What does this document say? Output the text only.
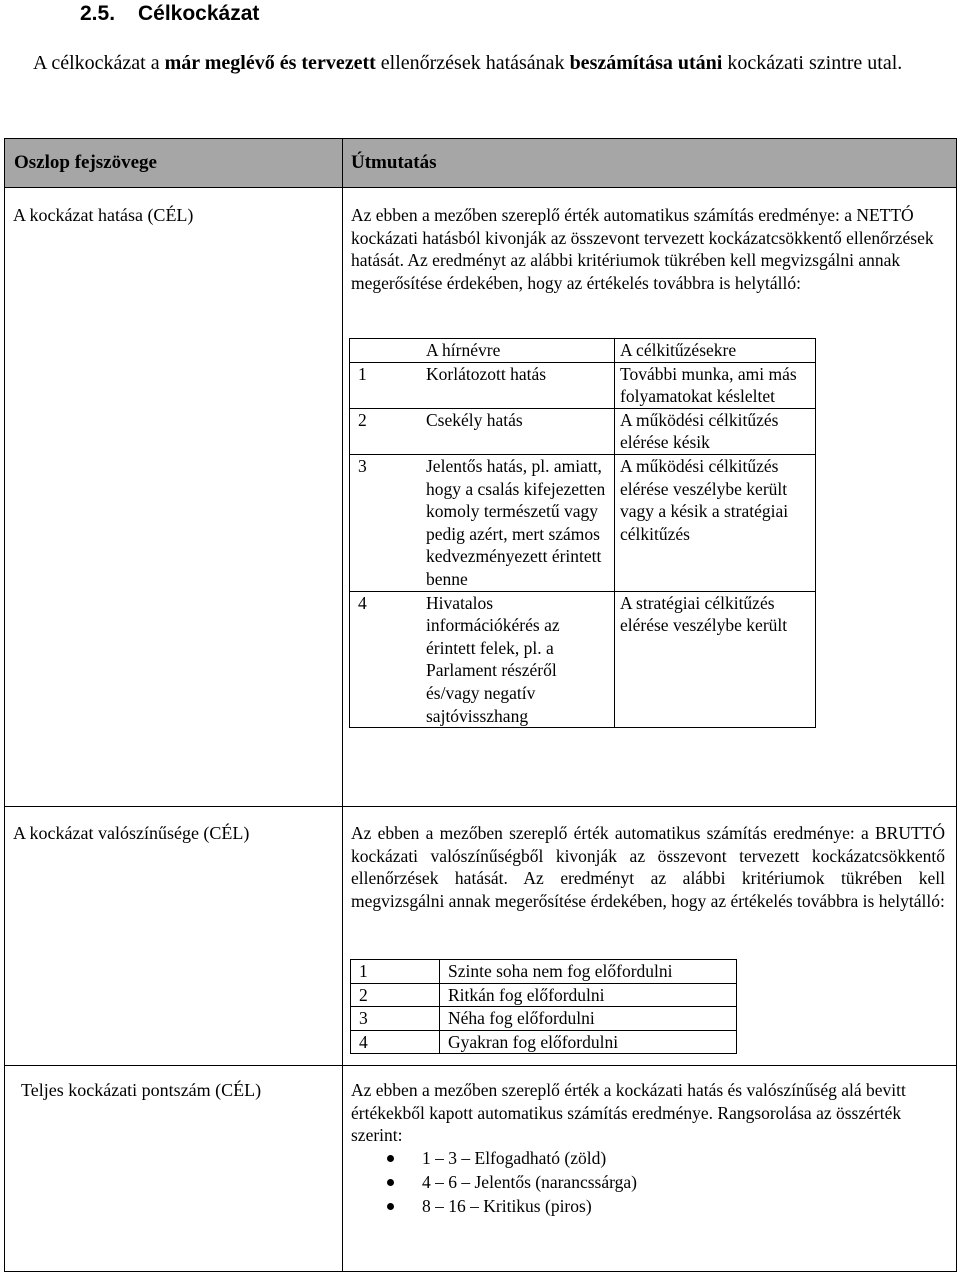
2.5. Célkockázat
A célkockázat a már meglévő és tervezett ellenőrzések hatásának beszámítása utáni kockázati szintre utal.
Oszlop fejszövege	Útmutatás
A kockázat hatása (CÉL)	Az ebben a mezőben szereplő érték automatikus számítás eredménye: a NETTÓ kockázati hatásból kivonják az összevont tervezett kockázatcsökkentő ellenőrzések hatását. Az eredményt az alábbi kritériumok tükrében kell megvizsgálni annak megerősítése érdekében, hogy az értékelés továbbra is helytálló:
	A hírnévre	A célkitűzésekre
1	Korlátozott hatás	További munka, ami más folyamatokat késleltet
2	Csekély hatás	A működési célkitűzés elérése késik
3	Jelentős hatás, pl. amiatt, hogy a csalás kifejezetten komoly természetű vagy pedig azért, mert számos kedvezményezett érintett benne	A működési célkitűzés elérése veszélybe került vagy a késik a stratégiai célkitűzés
4	Hivatalos információkérés az érintett felek, pl. a Parlament részéről és/vagy negatív sajtóvisszhang	A stratégiai célkitűzés elérése veszélybe került
A kockázat valószínűsége (CÉL)	Az ebben a mezőben szereplő érték automatikus számítás eredménye: a BRUTTÓ kockázati valószínűségből kivonják az összevont tervezett kockázatcsökkentő ellenőrzések hatását. Az eredményt az alábbi kritériumok tükrében kell megvizsgálni annak megerősítése érdekében, hogy az értékelés továbbra is helytálló:
1	Szinte soha nem fog előfordulni
2	Ritkán fog előfordulni
3	Néha fog előfordulni
4	Gyakran fog előfordulni
Teljes kockázati pontszám (CÉL)	Az ebben a mezőben szereplő érték a kockázati hatás és valószínűség alá bevitt értékekből kapott automatikus számítás eredménye. Rangsorolása az összérték szerint:
1 – 3 – Elfogadható (zöld)
4 – 6 – Jelentős (narancssárga)
8 – 16 – Kritikus (piros)
